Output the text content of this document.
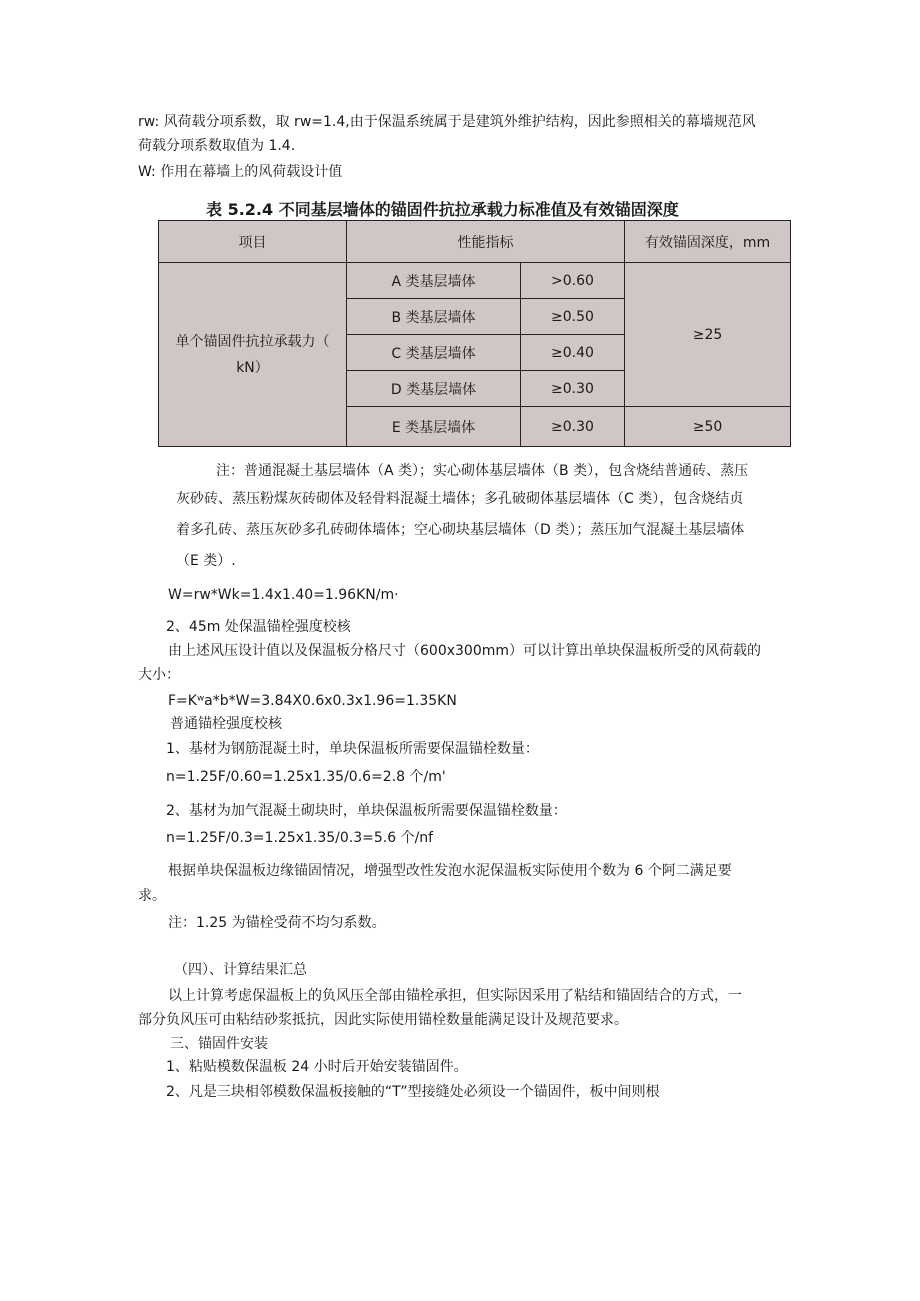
rw: 风荷载分项系数，取 rw=1.4,由于保温系统属于是建筑外维护结构，因此参照相关的幕墙规范风
荷载分项系数取值为 1.4.
W: 作用在幕墙上的风荷载设计值
表 5.2.4 不同基层墙体的锚固件抗拉承载力标准值及有效锚固深度
项目	性能指标		有效锚固深度，mm
单个锚固件抗拉承载力（
kN）	A 类基层墙体	>0.60	≥25
	B 类基层墙体	≥0.50	
	C 类基层墙体	≥0.40	
	D 类基层墙体	≥0.30	
	E 类基层墙体	≥0.30	≥50
注：普通混凝土基层墙体（A 类）；实心砌体基层墙体（B 类），包含烧结普通砖、蒸压
灰砂砖、蒸压粉煤灰砖砌体及轻骨料混凝土墙体；多孔破砌体基层墙体（C 类），包含烧结贞
着多孔砖、蒸压灰砂多孔砖砌体墙体；空心砌块基层墙体（D 类）；蒸压加气混凝土基层墙体
（E 类）.
W=rw*Wk=1.4x1.40=1.96KN∕m·
2、45m 处保温锚栓强度校核
由上述风压设计值以及保温板分格尺寸（600x300mm）可以计算出单块保温板所受的风荷载的
大小：
F=Kʷa*b*W=3.84X0.6x0.3x1.96=1.35KN
普通锚栓强度校核
1、基材为钢筋混凝土时，单块保温板所需要保温锚栓数量：
n=1.25F∕0.60=1.25x1.35/0.6=2.8 个∕m'
2、基材为加气混凝土砌块时，单块保温板所需要保温锚栓数量：
n=1.25F∕0.3=1.25x1.35/0.3=5.6 个/nf
根据单块保温板边缘锚固情况，增强型改性发泡水泥保温板实际使用个数为 6 个阿二满足要
求。
注：1.25 为锚栓受荷不均匀系数。
（四）、计算结果汇总
以上计算考虑保温板上的负风压全部由锚栓承担，但实际因采用了粘结和锚固结合的方式，一
部分负风压可由粘结砂浆抵抗，因此实际使用锚栓数量能满足设计及规范要求。
三、锚固件安装
1、粘贴模数保温板 24 小时后开始安装锚固件。
2、凡是三块相邻模数保温板接触的“T”型接缝处必须设一个锚固件，板中间则根
